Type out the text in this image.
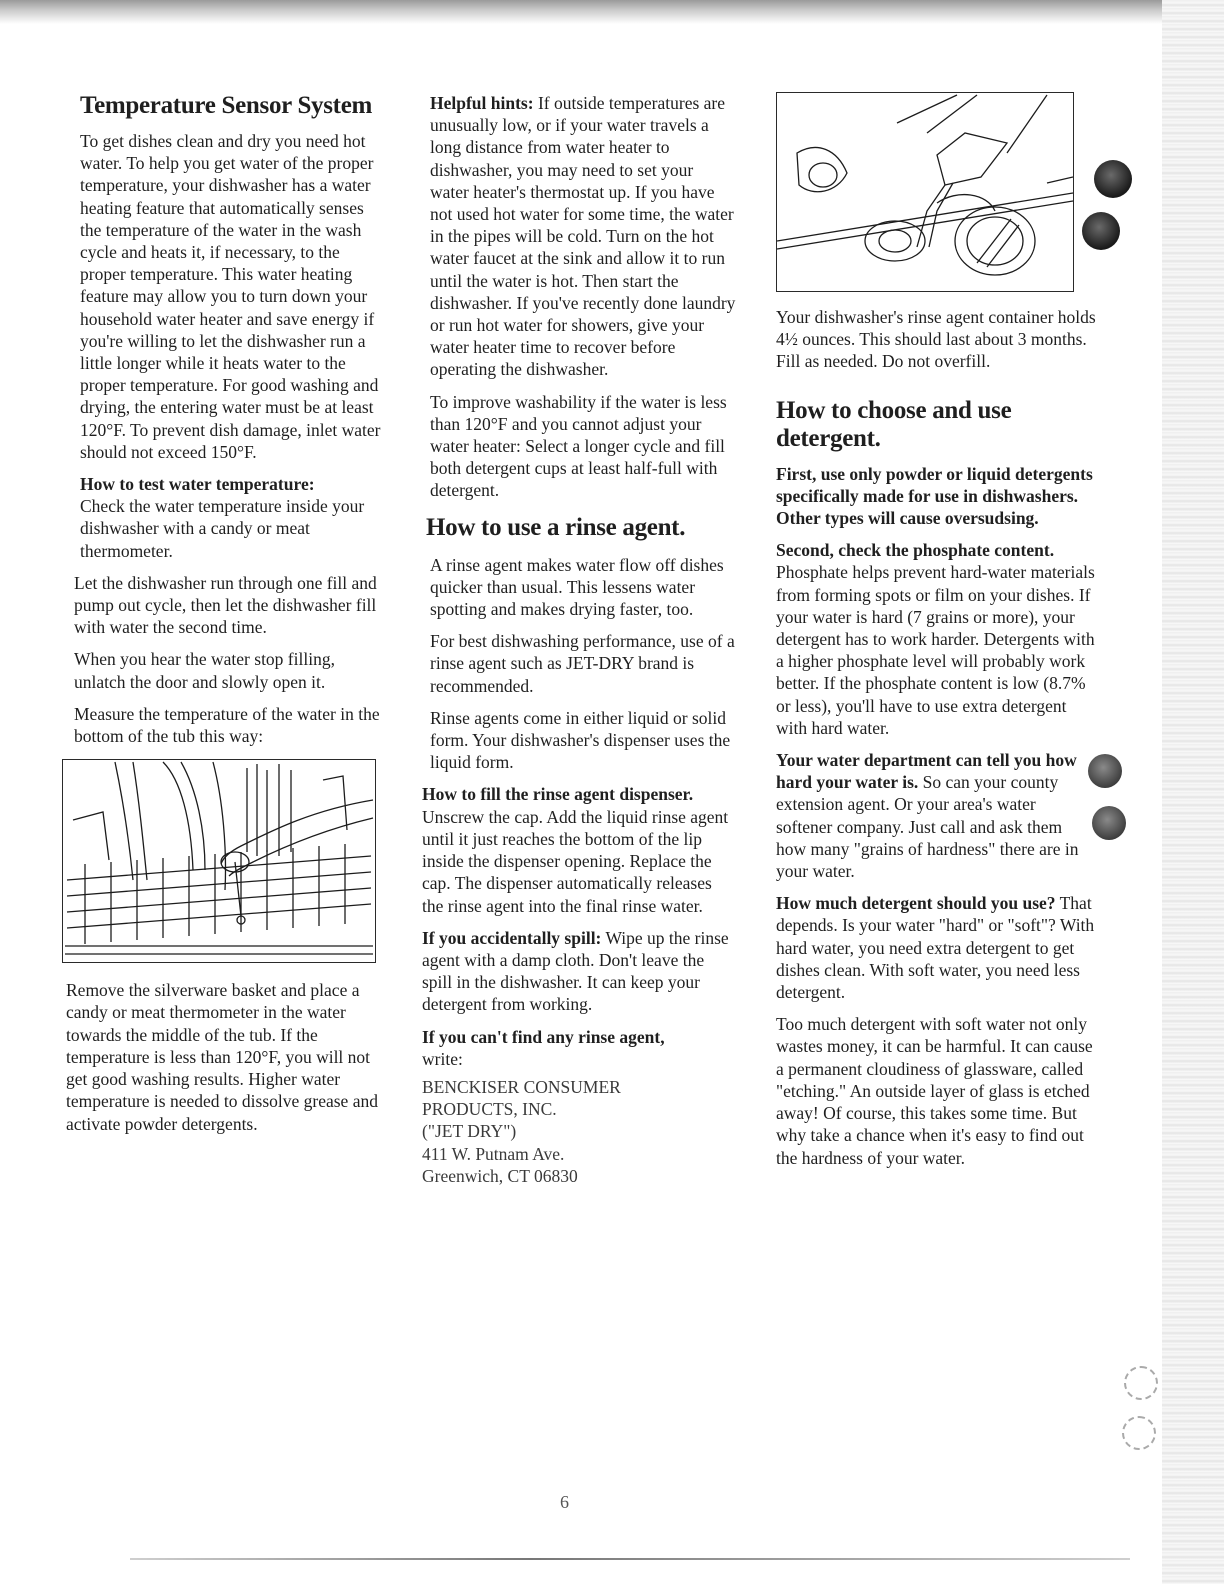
Temperature Sensor System

To get dishes clean and dry you need hot water. To help you get water of the proper temperature, your dishwasher has a water heating feature that automatically senses the temperature of the water in the wash cycle and heats it, if necessary, to the proper temperature. This water heating feature may allow you to turn down your household water heater and save energy if you're willing to let the dishwasher run a little longer while it heats water to the proper temperature. For good washing and drying, the entering water must be at least 120°F. To prevent dish damage, inlet water should not exceed 150°F.

How to test water temperature:
Check the water temperature inside your dishwasher with a candy or meat thermometer.

Let the dishwasher run through one fill and pump out cycle, then let the dishwasher fill with water the second time.

When you hear the water stop filling, unlatch the door and slowly open it.

Measure the temperature of the water in the bottom of the tub this way:

Remove the silverware basket and place a candy or meat thermometer in the water towards the middle of the tub. If the temperature is less than 120°F, you will not get good washing results. Higher water temperature is needed to dissolve grease and activate powder detergents.

Helpful hints: If outside temperatures are unusually low, or if your water travels a long distance from water heater to dishwasher, you may need to set your water heater's thermostat up. If you have not used hot water for some time, the water in the pipes will be cold. Turn on the hot water faucet at the sink and allow it to run until the water is hot. Then start the dishwasher. If you've recently done laundry or run hot water for showers, give your water heater time to recover before operating the dishwasher.

To improve washability if the water is less than 120°F and you cannot adjust your water heater: Select a longer cycle and fill both detergent cups at least half-full with detergent.

How to use a rinse agent.

A rinse agent makes water flow off dishes quicker than usual. This lessens water spotting and makes drying faster, too.

For best dishwashing performance, use of a rinse agent such as JET-DRY brand is recommended.

Rinse agents come in either liquid or solid form. Your dishwasher's dispenser uses the liquid form.

How to fill the rinse agent dispenser. Unscrew the cap. Add the liquid rinse agent until it just reaches the bottom of the lip inside the dispenser opening. Replace the cap. The dispenser automatically releases the rinse agent into the final rinse water.

If you accidentally spill: Wipe up the rinse agent with a damp cloth. Don't leave the spill in the dishwasher. It can keep your detergent from working.

If you can't find any rinse agent,
write:

BENCKISER CONSUMER
PRODUCTS, INC.
("JET DRY")
411 W. Putnam Ave.
Greenwich, CT 06830

Your dishwasher's rinse agent container holds 4½ ounces. This should last about 3 months. Fill as needed. Do not overfill.

How to choose and use detergent.

First, use only powder or liquid detergents specifically made for use in dishwashers. Other types will cause oversudsing.

Second, check the phosphate content. Phosphate helps prevent hard-water materials from forming spots or film on your dishes. If your water is hard (7 grains or more), your detergent has to work harder. Detergents with a higher phosphate level will probably work better. If the phosphate content is low (8.7% or less), you'll have to use extra detergent with hard water.

Your water department can tell you how hard your water is. So can your county extension agent. Or your area's water softener company. Just call and ask them how many "grains of hardness" there are in your water.

How much detergent should you use? That depends. Is your water "hard" or "soft"? With hard water, you need extra detergent to get dishes clean. With soft water, you need less detergent.

Too much detergent with soft water not only wastes money, it can be harmful. It can cause a permanent cloudiness of glassware, called "etching." An outside layer of glass is etched away! Of course, this takes some time. But why take a chance when it's easy to find out the hardness of your water.

6
